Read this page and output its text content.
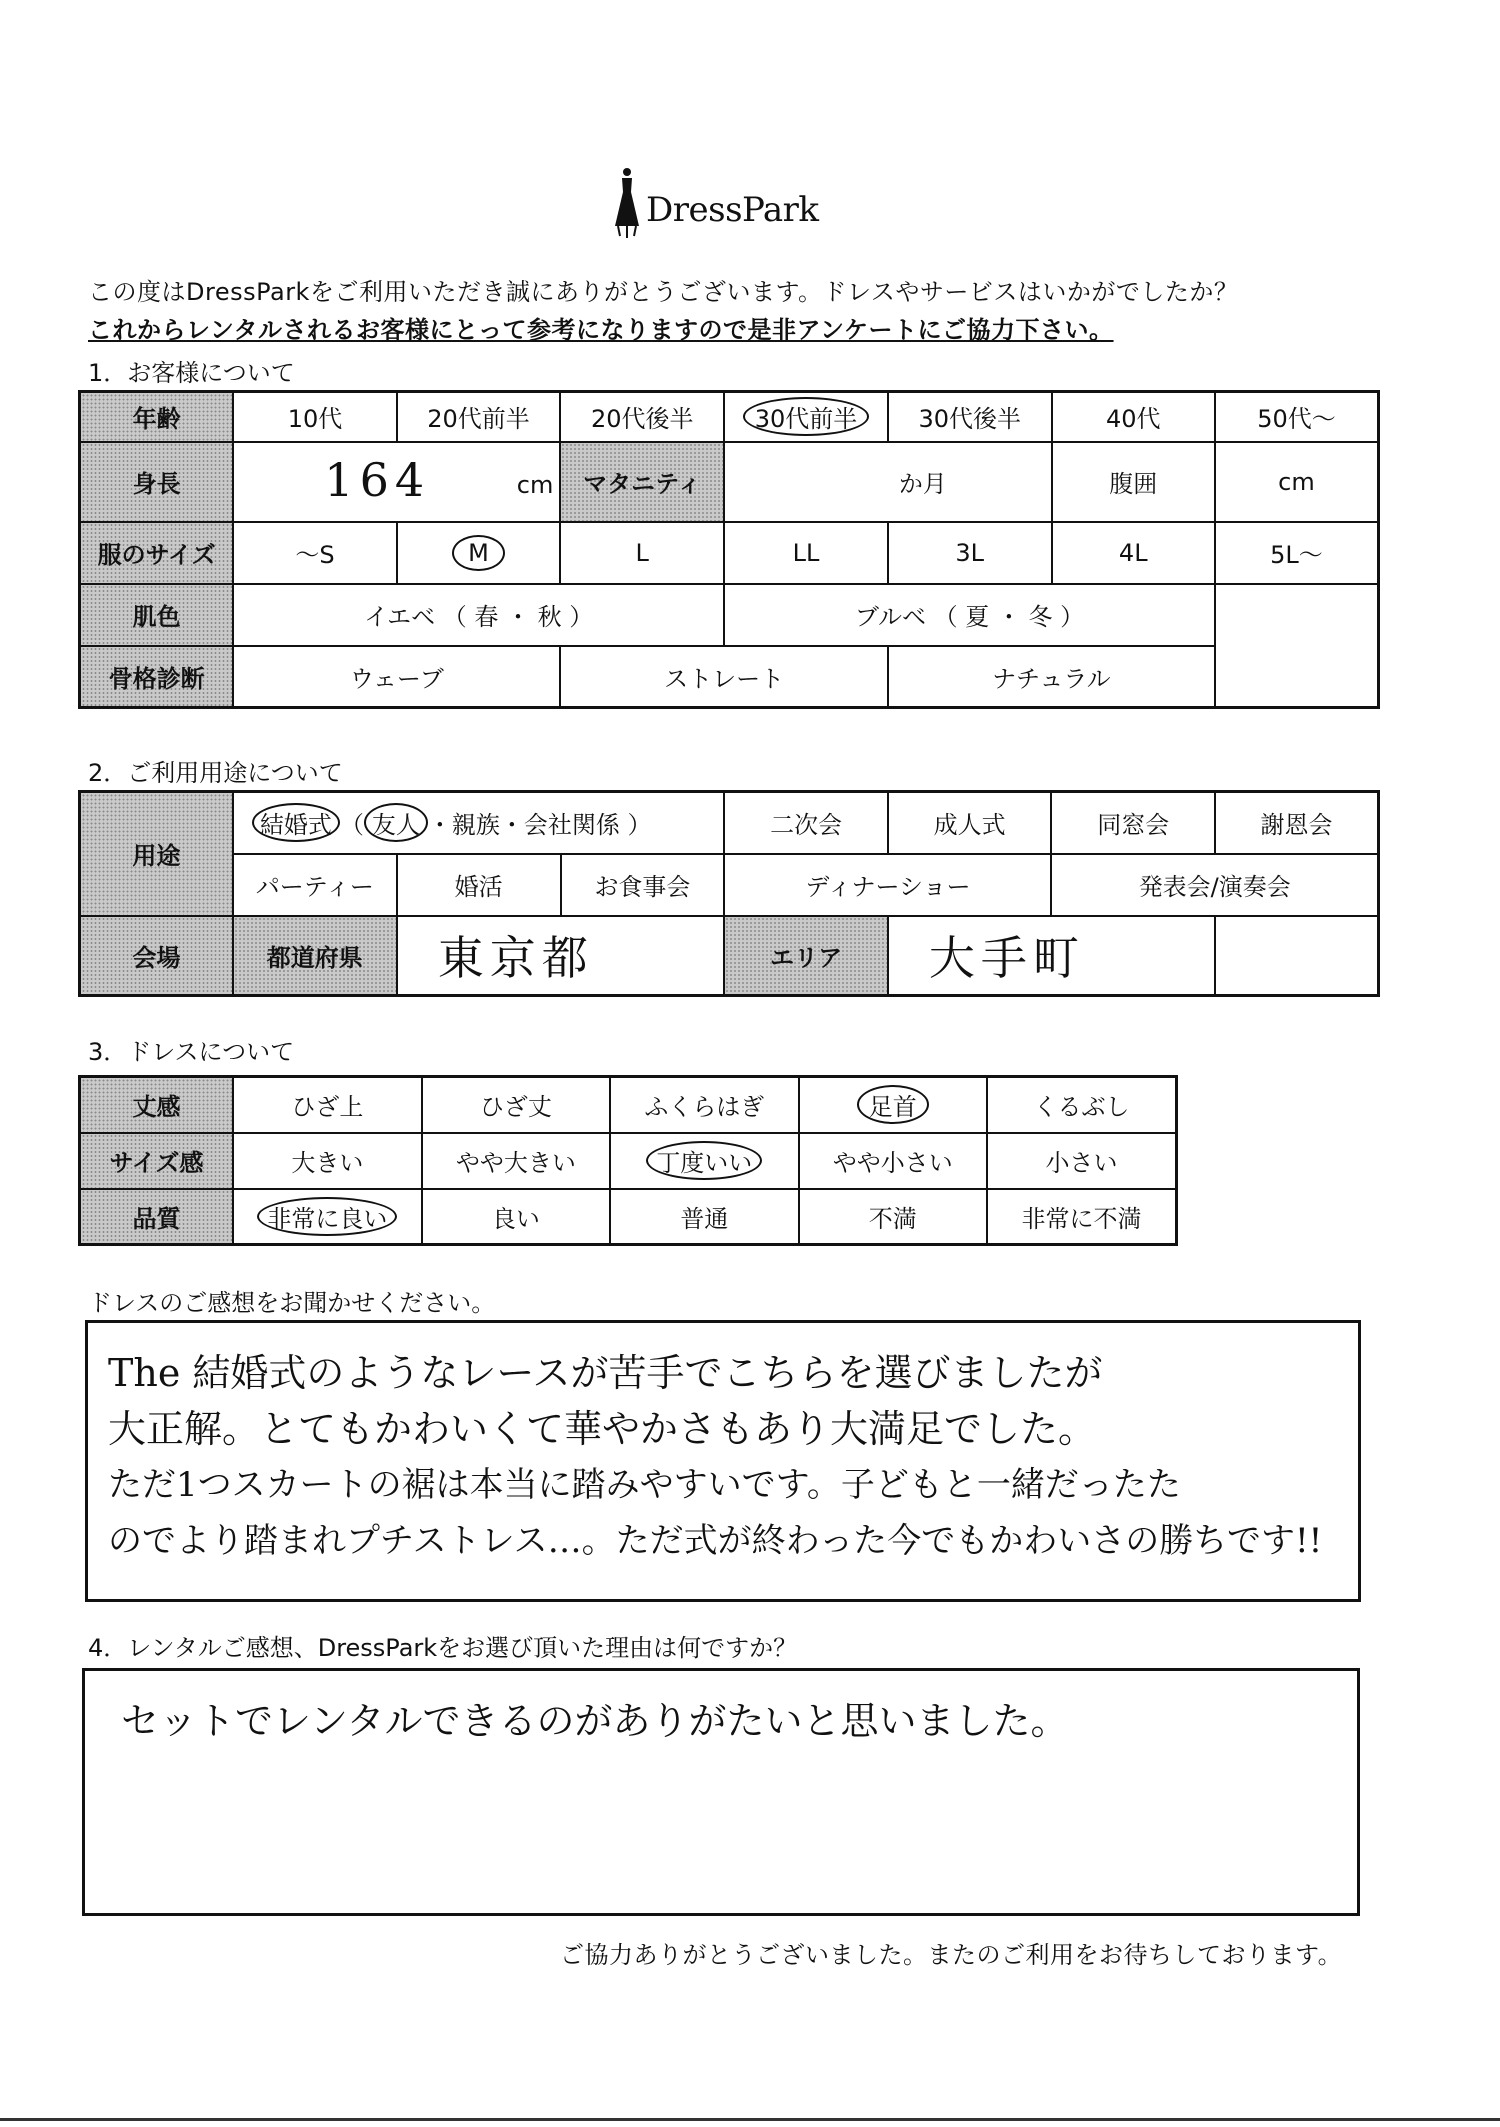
DressPark
この度はDressParkをご利用いただき誠にありがとうございます。ドレスやサービスはいかがでしたか？
これからレンタルされるお客様にとって参考になりますので是非アンケートにご協力下さい。
1．お客様について
年齢	10代	20代前半	20代後半	30代前半	30代後半	40代	50代～
身長	164 cm		マタニティ	か月		腹囲	cm
服のサイズ	～S	M	L	LL	3L	4L	5L～
肌色	イエベ （ 春 ・ 秋 ）			ブルベ （ 夏 ・ 冬 ）			
骨格診断	ウェーブ		ストレート		ナチュラル		
2．ご利用用途について
用途	結婚式 （ 友人 ・親族・会社関係 ）			二次会	成人式	同窓会	謝恩会
	パーティー	婚活	お食事会	ディナーショー		発表会/演奏会	
会場	都道府県	東京都		エリア	大手町		
3．ドレスについて
丈感	ひざ上	ひざ丈	ふくらはぎ	足首	くるぶし
サイズ感	大きい	やや大きい	丁度いい	やや小さい	小さい
品質	非常に良い	良い	普通	不満	非常に不満
ドレスのご感想をお聞かせください。
The 結婚式のようなレースが苦手でこちらを選びましたが
大正解。とてもかわいくて華やかさもあり大満足でした。
ただ1つスカートの裾は本当に踏みやすいです。子どもと一緒だったた
のでより踏まれプチストレス…。ただ式が終わった今でもかわいさの勝ちです!!
4．レンタルご感想、DressParkをお選び頂いた理由は何ですか？
セットでレンタルできるのがありがたいと思いました。
ご協力ありがとうございました。またのご利用をお待ちしております。
